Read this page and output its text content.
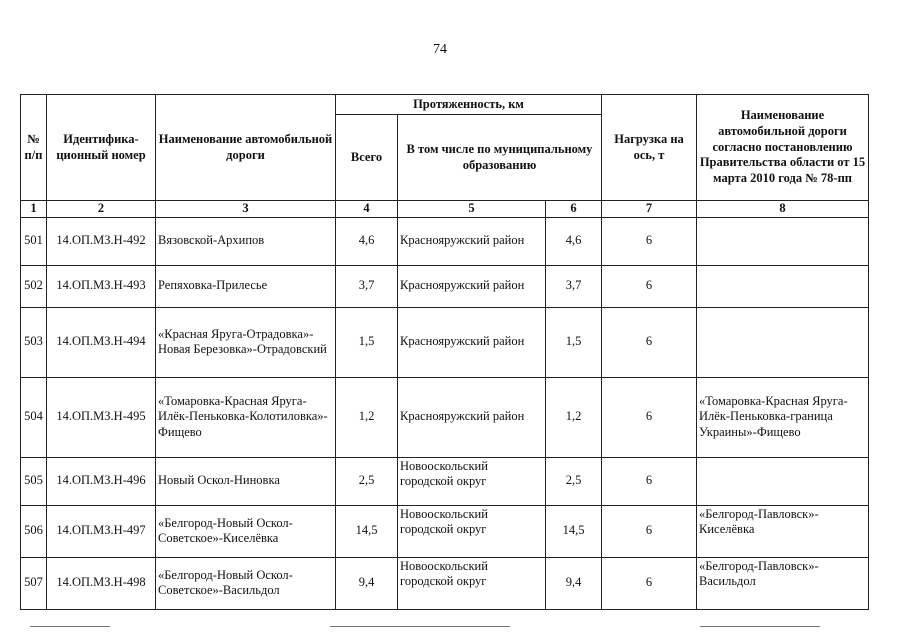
74
№ п/п	Идентифика-ционный номер	Наименование автомобильной дороги	Протяженность, км			Нагрузка на ось, т	Наименование автомобильной дороги согласно постановлению Правительства области от 15 марта 2010 года № 78-пп
			Всего	В том числе по муниципальному образованию			
1	2	3	4	5	6	7	8
501	14.ОП.МЗ.Н-492	Вязовской-Архипов	4,6	Краснояружский район	4,6	6	
502	14.ОП.МЗ.Н-493	Репяховка-Прилесье	3,7	Краснояружский район	3,7	6	
503	14.ОП.МЗ.Н-494	«Красная Яруга-Отрадовка»-Новая Березовка»-Отрадовский	1,5	Краснояружский район	1,5	6	
504	14.ОП.МЗ.Н-495	«Томаровка-Красная Яруга-Илёк-Пеньковка-Колотиловка»-Фищево	1,2	Краснояружский район	1,2	6	«Томаровка-Красная Яруга-Илёк-Пеньковка-граница Украины»-Фищево
505	14.ОП.МЗ.Н-496	Новый Оскол-Ниновка	2,5	Новооскольский городской округ	2,5	6	
506	14.ОП.МЗ.Н-497	«Белгород-Новый Оскол-Советское»-Киселёвка	14,5	Новооскольский городской округ	14,5	6	«Белгород-Павловск»-Киселёвка
507	14.ОП.МЗ.Н-498	«Белгород-Новый Оскол-Советское»-Васильдол	9,4	Новооскольский городской округ	9,4	6	«Белгород-Павловск»-Васильдол
